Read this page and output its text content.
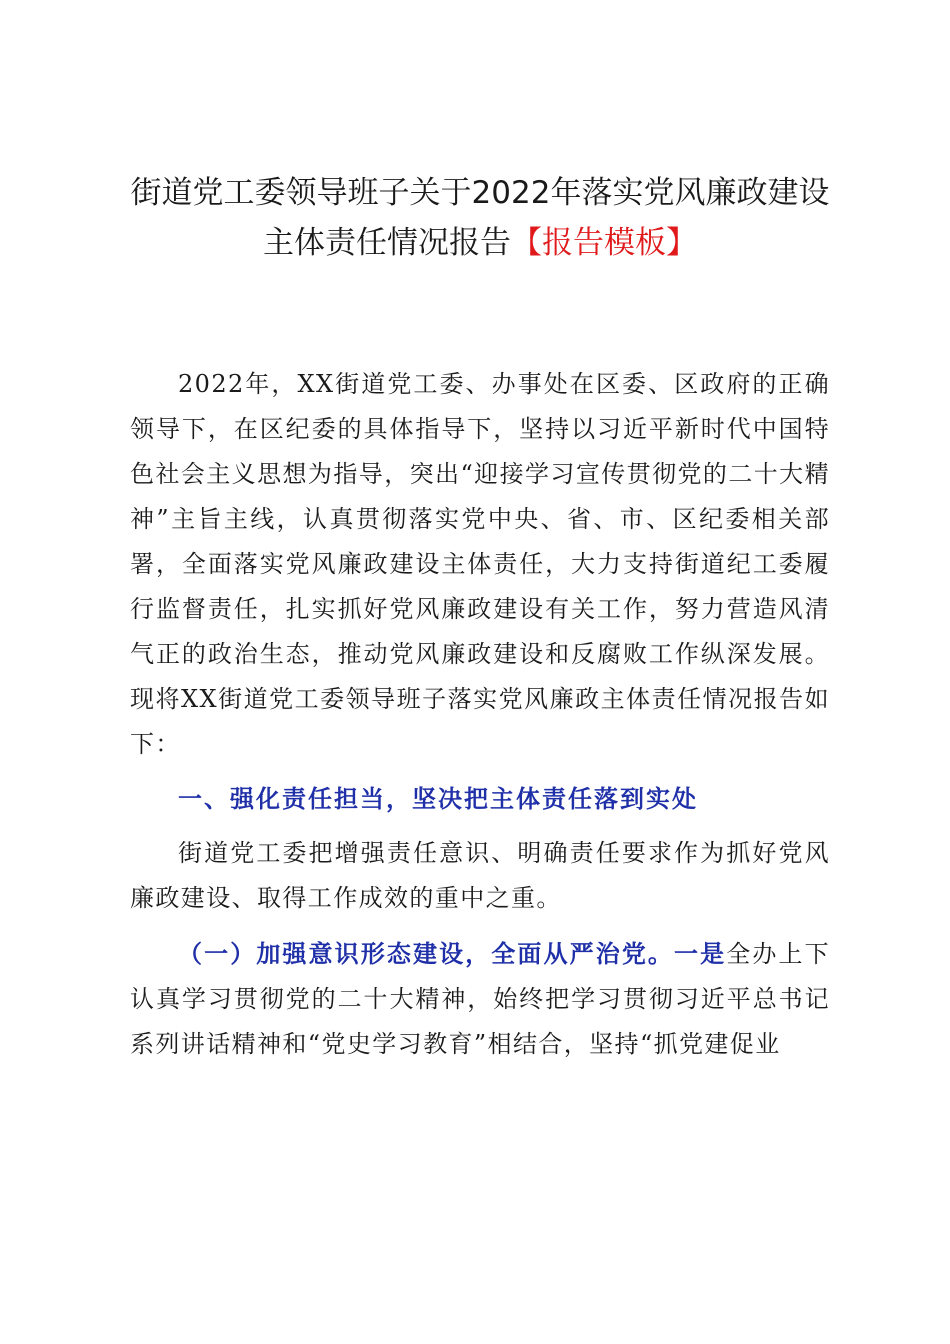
街道党工委领导班子关于2022年落实党风廉政建设主体责任情况报告【报告模板】

2022年，XX街道党工委、办事处在区委、区政府的正确领导下，在区纪委的具体指导下，坚持以习近平新时代中国特色社会主义思想为指导，突出“迎接学习宣传贯彻党的二十大精神”主旨主线，认真贯彻落实党中央、省、市、区纪委相关部署，全面落实党风廉政建设主体责任，大力支持街道纪工委履行监督责任，扎实抓好党风廉政建设有关工作，努力营造风清气正的政治生态，推动党风廉政建设和反腐败工作纵深发展。现将XX街道党工委领导班子落实党风廉政主体责任情况报告如下：

一、强化责任担当，坚决把主体责任落到实处

街道党工委把增强责任意识、明确责任要求作为抓好党风廉政建设、取得工作成效的重中之重。

（一）加强意识形态建设，全面从严治党。一是全办上下认真学习贯彻党的二十大精神，始终把学习贯彻习近平总书记系列讲话精神和“党史学习教育”相结合，坚持“抓党建促业
